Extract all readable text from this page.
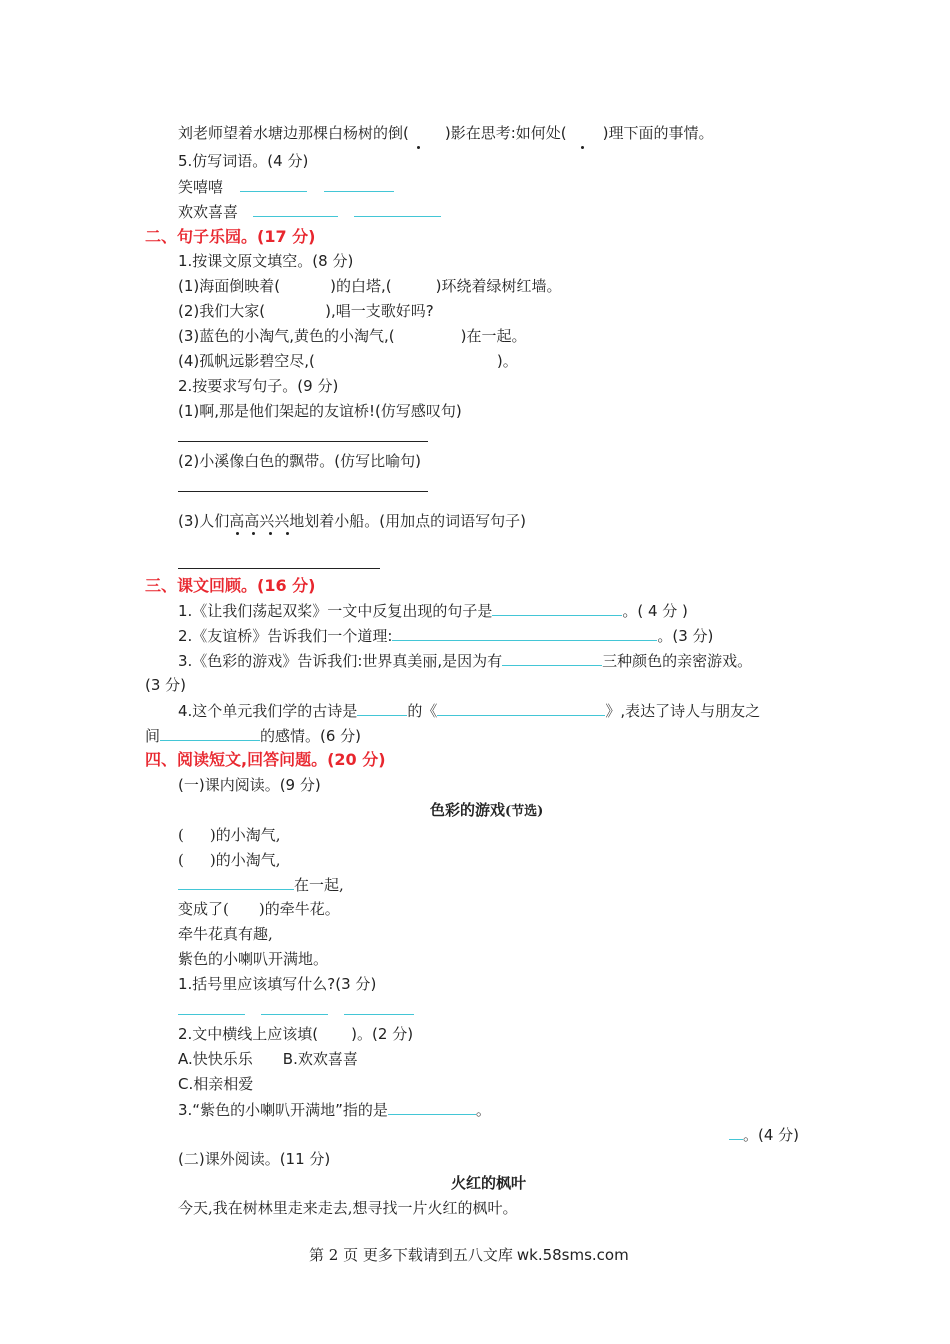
刘老师望着水塘边那棵白杨树的倒( )影在思考:如何处( )理下面的事情。
5.仿写词语。(4 分)
笑嘻嘻
欢欢喜喜
二、句子乐园。(17 分)
1.按课文原文填空。(8 分)
(1)海面倒映着(	)的白塔,(	)环绕着绿树红墙。
(2)我们大家(	),唱一支歌好吗?
(3)蓝色的小淘气,黄色的小淘气,(	)在一起。
(4)孤帆远影碧空尽,(	)。
2.按要求写句子。(9 分)
(1)啊,那是他们架起的友谊桥!(仿写感叹句)
(2)小溪像白色的飘带。(仿写比喻句)
(3)人们高高兴兴地划着小船。(用加点的词语写句子)
三、课文回顾。(16 分)
1.《让我们荡起双桨》一文中反复出现的句子是	。( 4 分 )
2.《友谊桥》告诉我们一个道理:	。(3 分)
3.《色彩的游戏》告诉我们:世界真美丽,是因为有	三种颜色的亲密游戏。
(3 分)
4.这个单元我们学的古诗是	的《	》,表达了诗人与朋友之
间	的感情。(6 分)
四、阅读短文,回答问题。(20 分)
(一)课内阅读。(9 分)
色彩的游戏(节选)
( )的小淘气,
( )的小淘气,
在一起,
变成了( )的牵牛花。
牵牛花真有趣,
紫色的小喇叭开满地。
1.括号里应该填写什么?(3 分)
2.文中横线上应该填( )。(2 分)
A.快快乐乐 B.欢欢喜喜
C.相亲相爱
3.“紫色的小喇叭开满地”指的是	。
。(4 分)
(二)课外阅读。(11 分)
火红的枫叶
今天,我在树林里走来走去,想寻找一片火红的枫叶。
第 2 页 更多下载请到五八文库 wk.58sms.com
